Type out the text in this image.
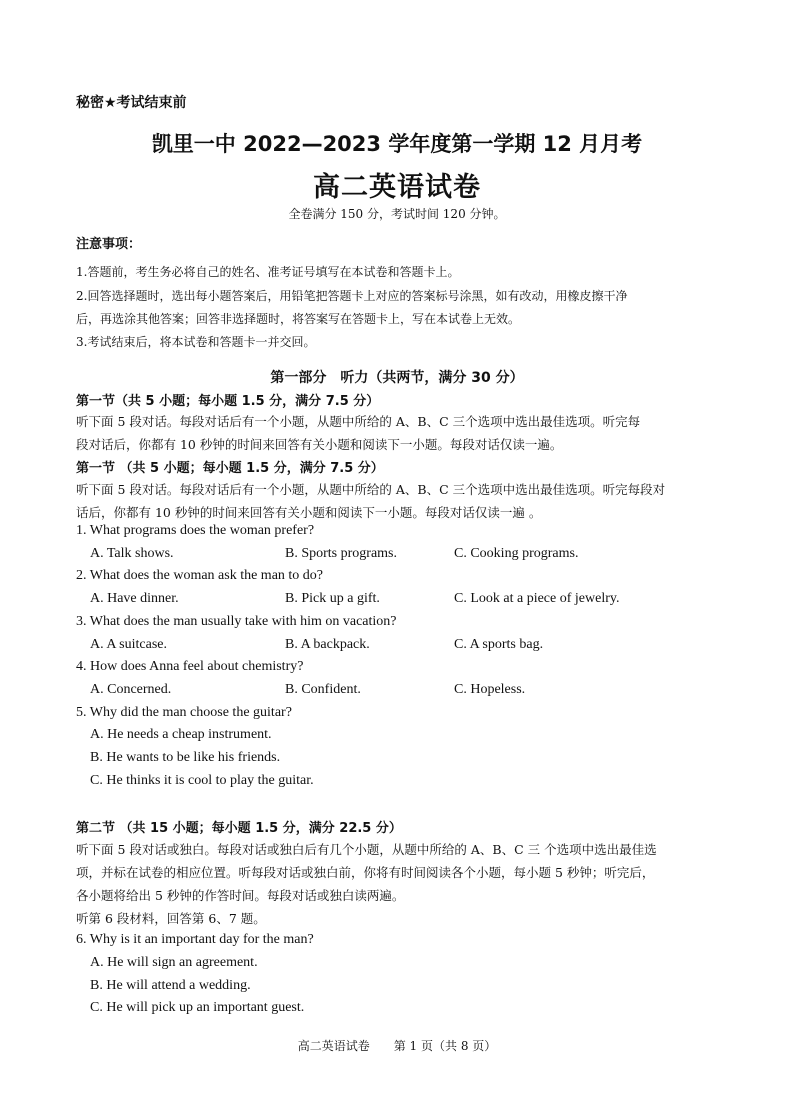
秘密★考试结束前
凯里一中 2022—2023 学年度第一学期 12 月月考
高二英语试卷
全卷满分 150 分，考试时间 120 分钟。
注意事项：
1.答题前，考生务必将自己的姓名、准考证号填写在本试卷和答题卡上。
2.回答选择题时，选出每小题答案后，用铅笔把答题卡上对应的答案标号涂黑，如有改动，用橡皮擦干净
后，再选涂其他答案；回答非选择题时，将答案写在答题卡上，写在本试卷上无效。
3.考试结束后，将本试卷和答题卡一并交回。
第一部分　听力（共两节，满分 30 分）
第一节（共 5 小题；每小题 1.5 分，满分 7.5 分）
听下面 5 段对话。每段对话后有一个小题，从题中所给的 A、B、C 三个选项中选出最佳选项。听完每
段对话后，你都有 10 秒钟的时间来回答有关小题和阅读下一小题。每段对话仅读一遍。
第一节 （共 5 小题；每小题 1.5 分，满分 7.5 分）
听下面 5 段对话。每段对话后有一个小题，从题中所给的 A、B、C 三个选项中选出最佳选项。听完每段对
话后，你都有 10 秒钟的时间来回答有关小题和阅读下一小题。每段对话仅读一遍 。
1. What programs does the woman prefer?
A. Talk shows.	B. Sports programs.	C. Cooking programs.
2. What does the woman ask the man to do?
A. Have dinner.	B. Pick up a gift.	C. Look at a piece of jewelry.
3. What does the man usually take with him on vacation?
A. A suitcase.	B. A backpack.	C. A sports bag.
4. How does Anna feel about chemistry?
A. Concerned.	B. Confident.	C. Hopeless.
5. Why did the man choose the guitar?
A. He needs a cheap instrument.
B. He wants to be like his friends.
C. He thinks it is cool to play the guitar.
第二节 （共 15 小题；每小题 1.5 分，满分 22.5 分）
听下面 5 段对话或独白。每段对话或独白后有几个小题，从题中所给的 A、B、C 三 个选项中选出最佳选
项，并标在试卷的相应位置。听每段对话或独白前，你将有时间阅读各个小题，每小题 5 秒钟；听完后，
各小题将给出 5 秒钟的作答时间。每段对话或独白读两遍。
听第 6 段材料，回答第 6、7 题。
6. Why is it an important day for the man?
A. He will sign an agreement.
B. He will attend a wedding.
C. He will pick up an important guest.
高二英语试卷　　第 1 页（共 8 页）
